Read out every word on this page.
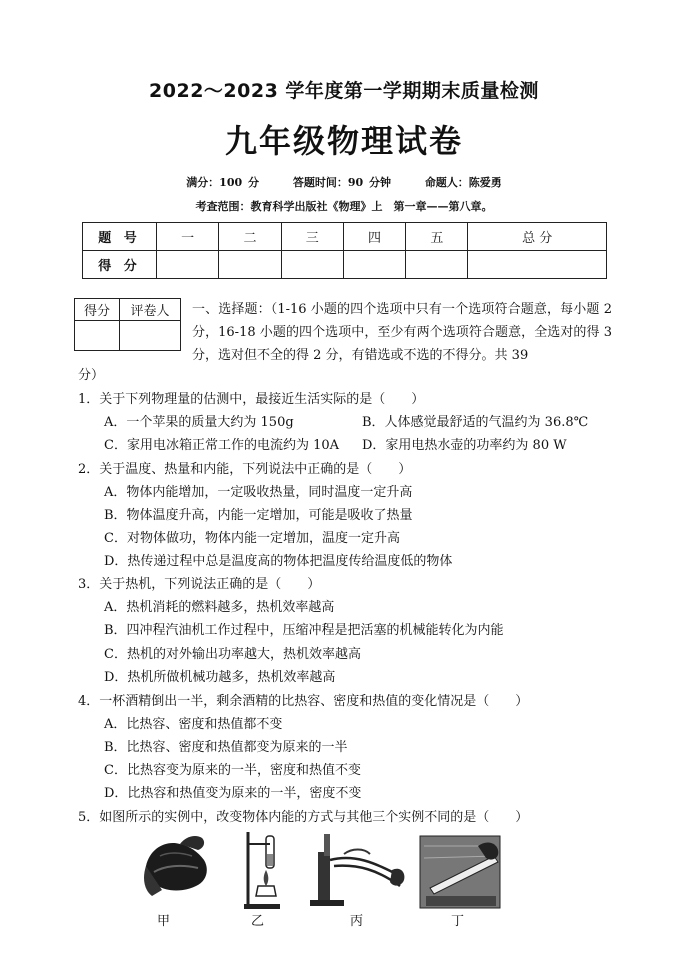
2022～2023 学年度第一学期期末质量检测
九年级物理试卷
满分：100 分	答题时间：90 分钟	命题人：陈爱勇
考查范围：教育科学出版社《物理》上　第一章——第八章。
题 号	一	二	三	四	五	总 分
得 分						
得分	评卷人
	一、选择题：（1-16 小题的四个选项中只有一个选项符合题意，每小题 2 分，16-18 小题的四个选项中，至少有两个选项符合题意，全选对的得 3 分，选对但不全的得 2 分，有错选或不选的不得分。共 39
分）
1．关于下列物理量的估测中，最接近生活实际的是（　　）
A．一个苹果的质量大约为 150g	B．人体感觉最舒适的气温约为 36.8℃
C．家用电冰箱正常工作的电流约为 10A D．家用电热水壶的功率约为 80 W
2．关于温度、热量和内能，下列说法中正确的是（　　）
A．物体内能增加，一定吸收热量，同时温度一定升高
B．物体温度升高，内能一定增加，可能是吸收了热量
C．对物体做功，物体内能一定增加，温度一定升高
D．热传递过程中总是温度高的物体把温度传给温度低的物体
3．关于热机，下列说法正确的是（　　）
A．热机消耗的燃料越多，热机效率越高
B．四冲程汽油机工作过程中，压缩冲程是把活塞的机械能转化为内能
C．热机的对外输出功率越大，热机效率越高
D．热机所做机械功越多，热机效率越高
4．一杯酒精倒出一半，剩余酒精的比热容、密度和热值的变化情况是（　　）
A．比热容、密度和热值都不变
B．比热容、密度和热值都变为原来的一半
C．比热容变为原来的一半，密度和热值不变
D．比热容和热值变为原来的一半，密度不变
5．如图所示的实例中，改变物体内能的方式与其他三个实例不同的是（　　）
甲	乙	丙	丁
